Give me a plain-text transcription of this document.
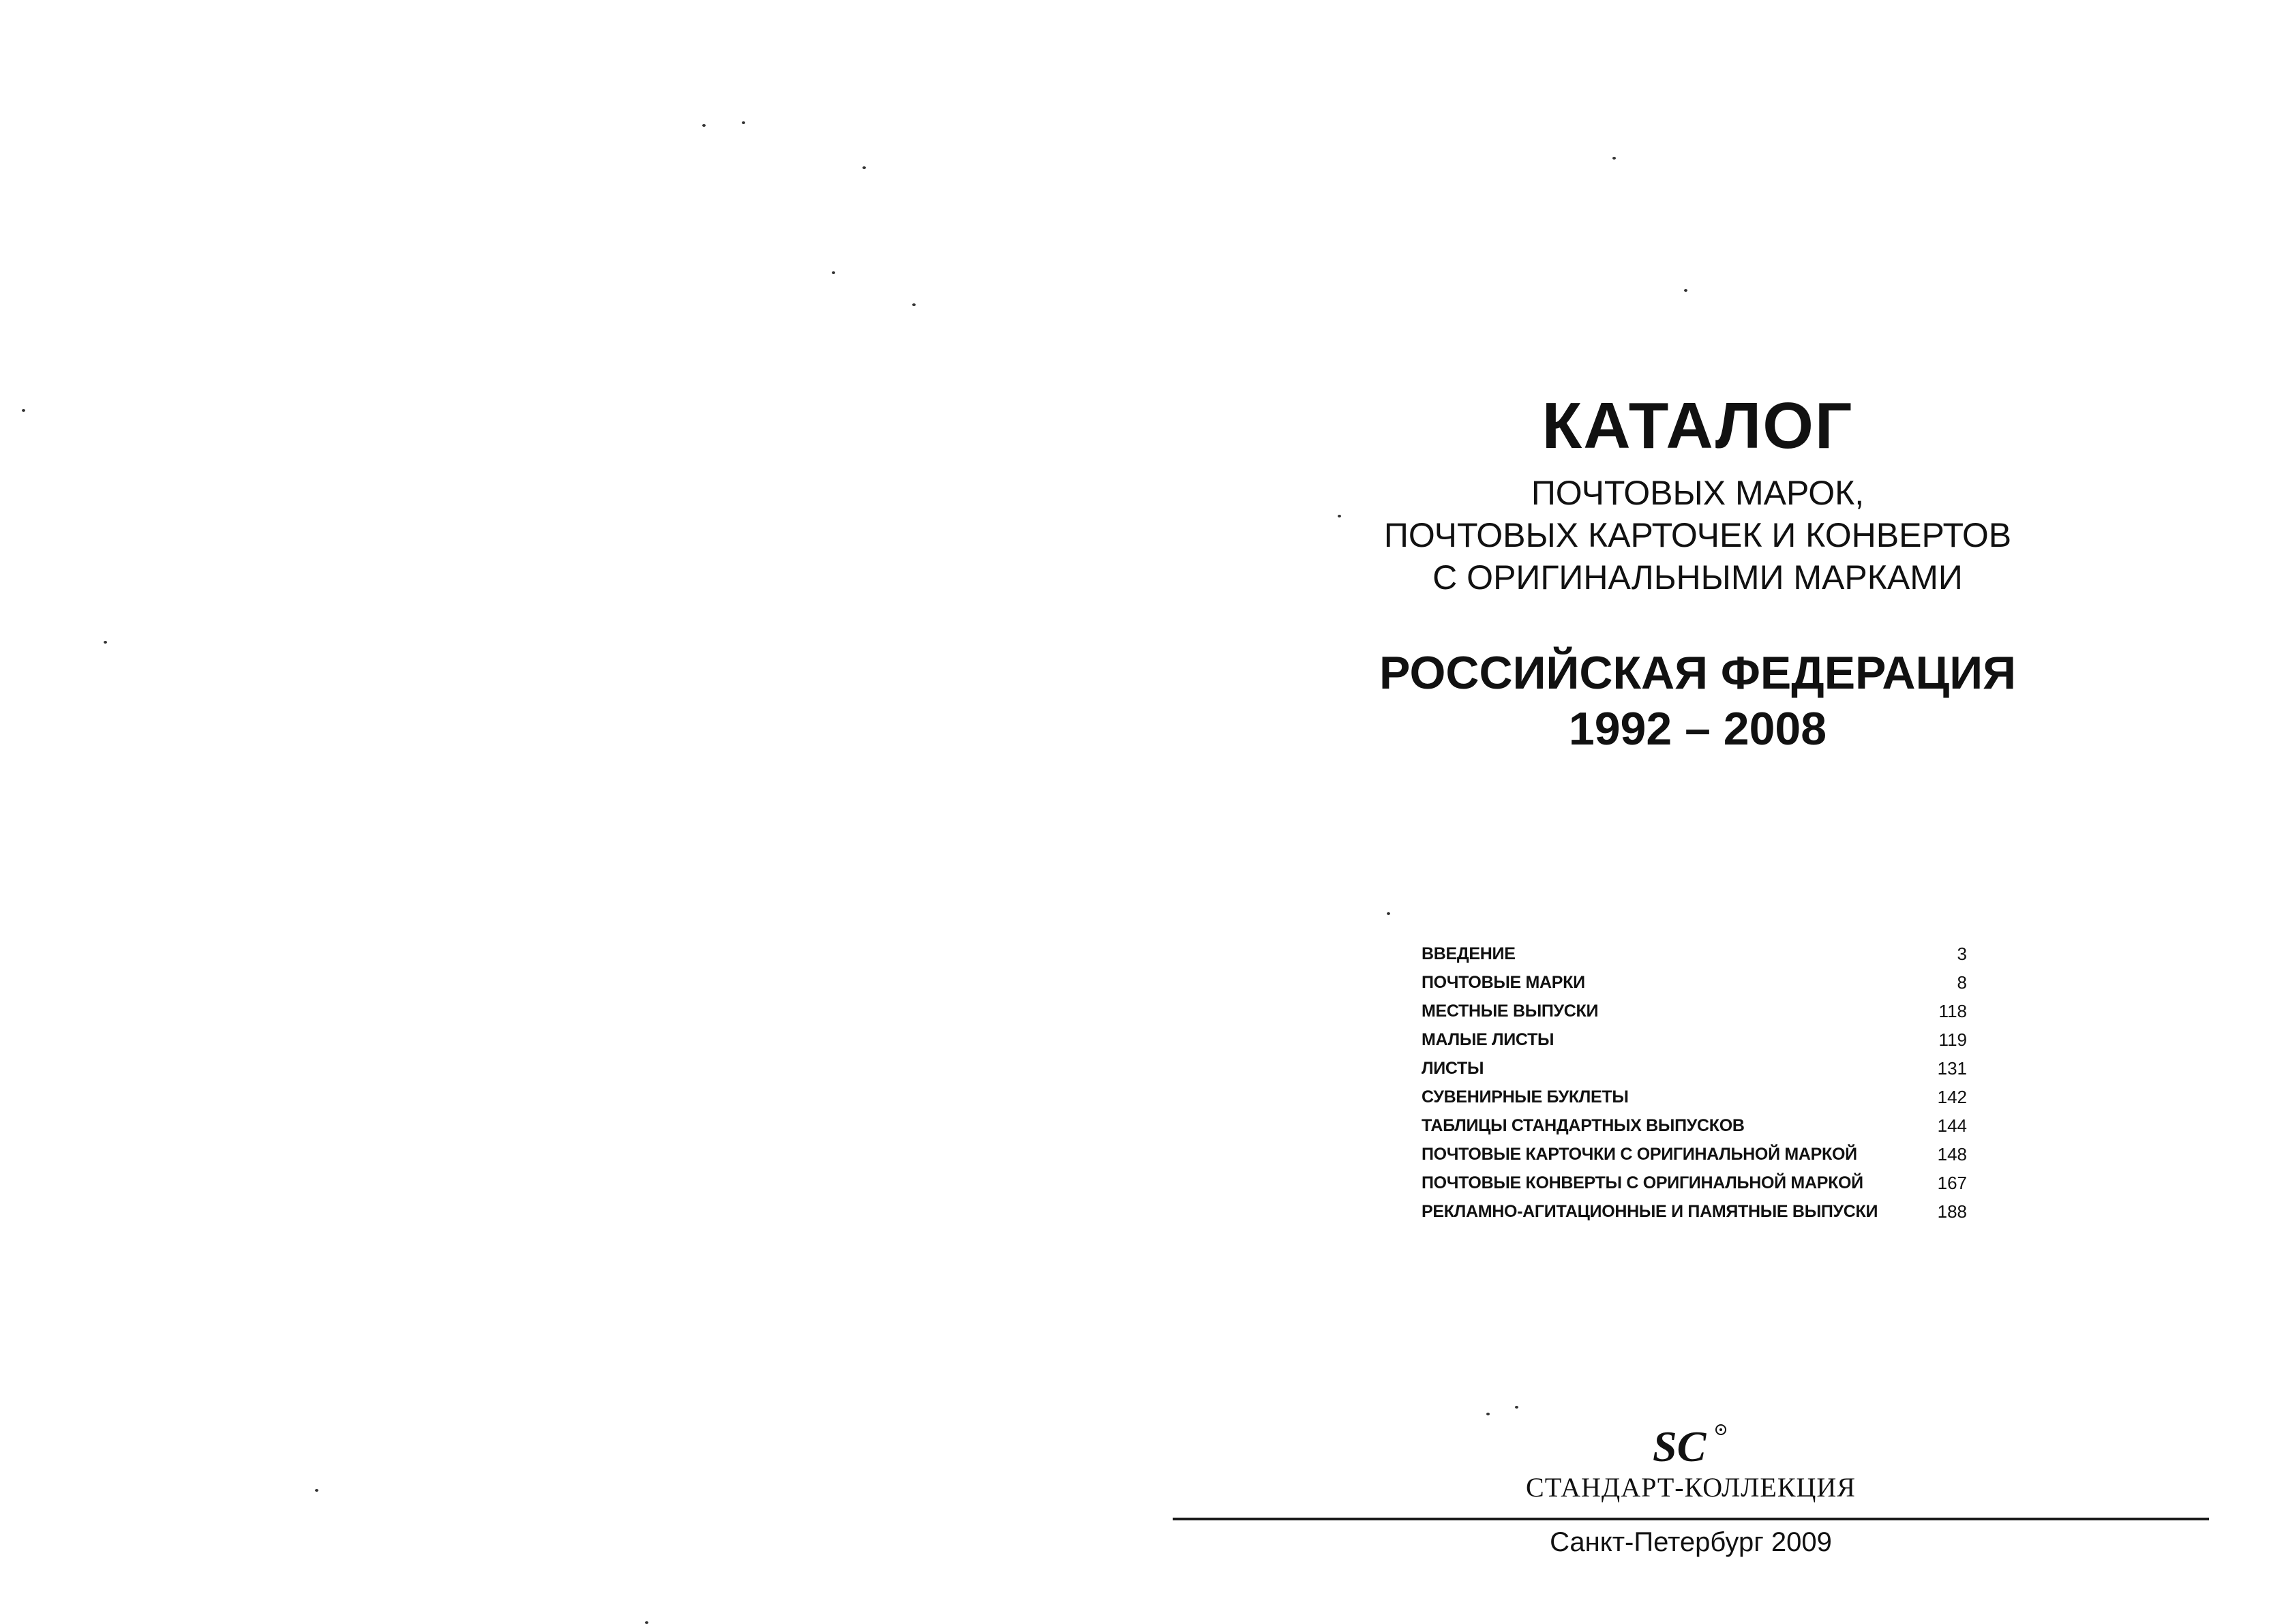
КАТАЛОГ
ПОЧТОВЫХ МАРОК,
ПОЧТОВЫХ КАРТОЧЕК И КОНВЕРТОВ
С ОРИГИНАЛЬНЫМИ МАРКАМИ
РОССИЙСКАЯ ФЕДЕРАЦИЯ
1992 – 2008
ВВЕДЕНИЕ	3
ПОЧТОВЫЕ МАРКИ	8
МЕСТНЫЕ ВЫПУСКИ	118
МАЛЫЕ ЛИСТЫ	119
ЛИСТЫ	131
СУВЕНИРНЫЕ БУКЛЕТЫ	142
ТАБЛИЦЫ СТАНДАРТНЫХ ВЫПУСКОВ	144
ПОЧТОВЫЕ КАРТОЧКИ С ОРИГИНАЛЬНОЙ МАРКОЙ	148
ПОЧТОВЫЕ КОНВЕРТЫ С ОРИГИНАЛЬНОЙ МАРКОЙ	167
РЕКЛАМНО-АГИТАЦИОННЫЕ И ПАМЯТНЫЕ ВЫПУСКИ	188
SC
СТАНДАРТ-КОЛЛЕКЦИЯ
Санкт-Петербург 2009
